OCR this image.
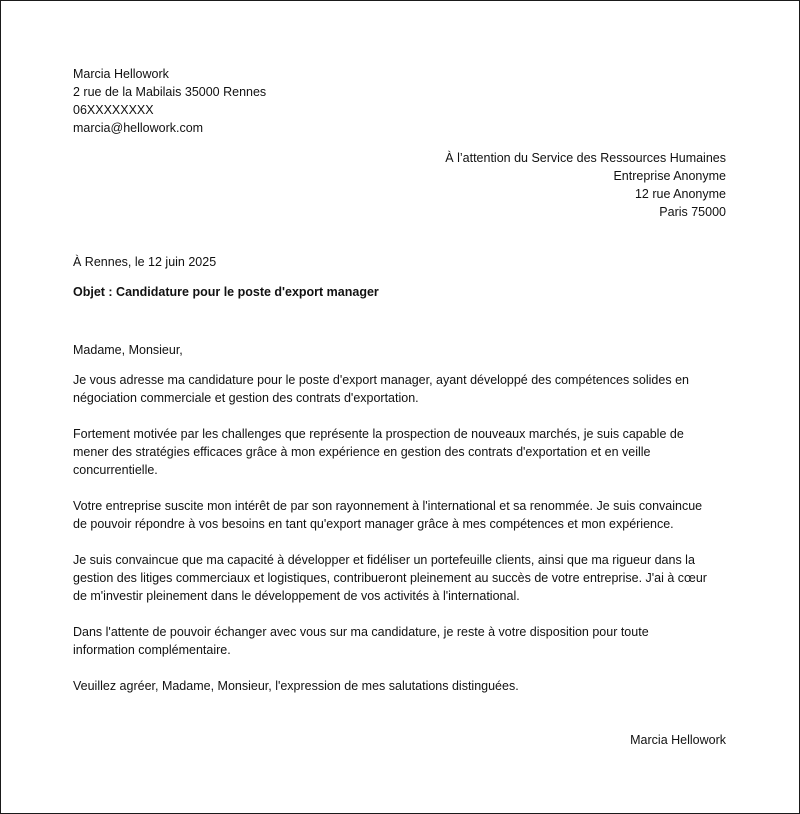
Marcia Hellowork

2 rue de la Mabilais 35000 Rennes

06XXXXXXXX

marcia@hellowork.com

À l’attention du Service des Ressources Humaines

Entreprise Anonyme

12 rue Anonyme

Paris 75000

À Rennes, le 12 juin 2025

Objet : Candidature pour le poste d'export manager

Madame, Monsieur,

Je vous adresse ma candidature pour le poste d'export manager, ayant développé des compétences solides en
négociation commerciale et gestion des contrats d'exportation.
Fortement motivée par les challenges que représente la prospection de nouveaux marchés, je suis capable de
mener des stratégies efficaces grâce à mon expérience en gestion des contrats d'exportation et en veille
concurrentielle.
Votre entreprise suscite mon intérêt de par son rayonnement à l'international et sa renommée. Je suis convaincue
de pouvoir répondre à vos besoins en tant qu'export manager grâce à mes compétences et mon expérience.
Je suis convaincue que ma capacité à développer et fidéliser un portefeuille clients, ainsi que ma rigueur dans la
gestion des litiges commerciaux et logistiques, contribueront pleinement au succès de votre entreprise. J'ai à cœur
de m'investir pleinement dans le développement de vos activités à l'international.
Dans l'attente de pouvoir échanger avec vous sur ma candidature, je reste à votre disposition pour toute
information complémentaire.
Veuillez agréer, Madame, Monsieur, l'expression de mes salutations distinguées.

Marcia Hellowork
